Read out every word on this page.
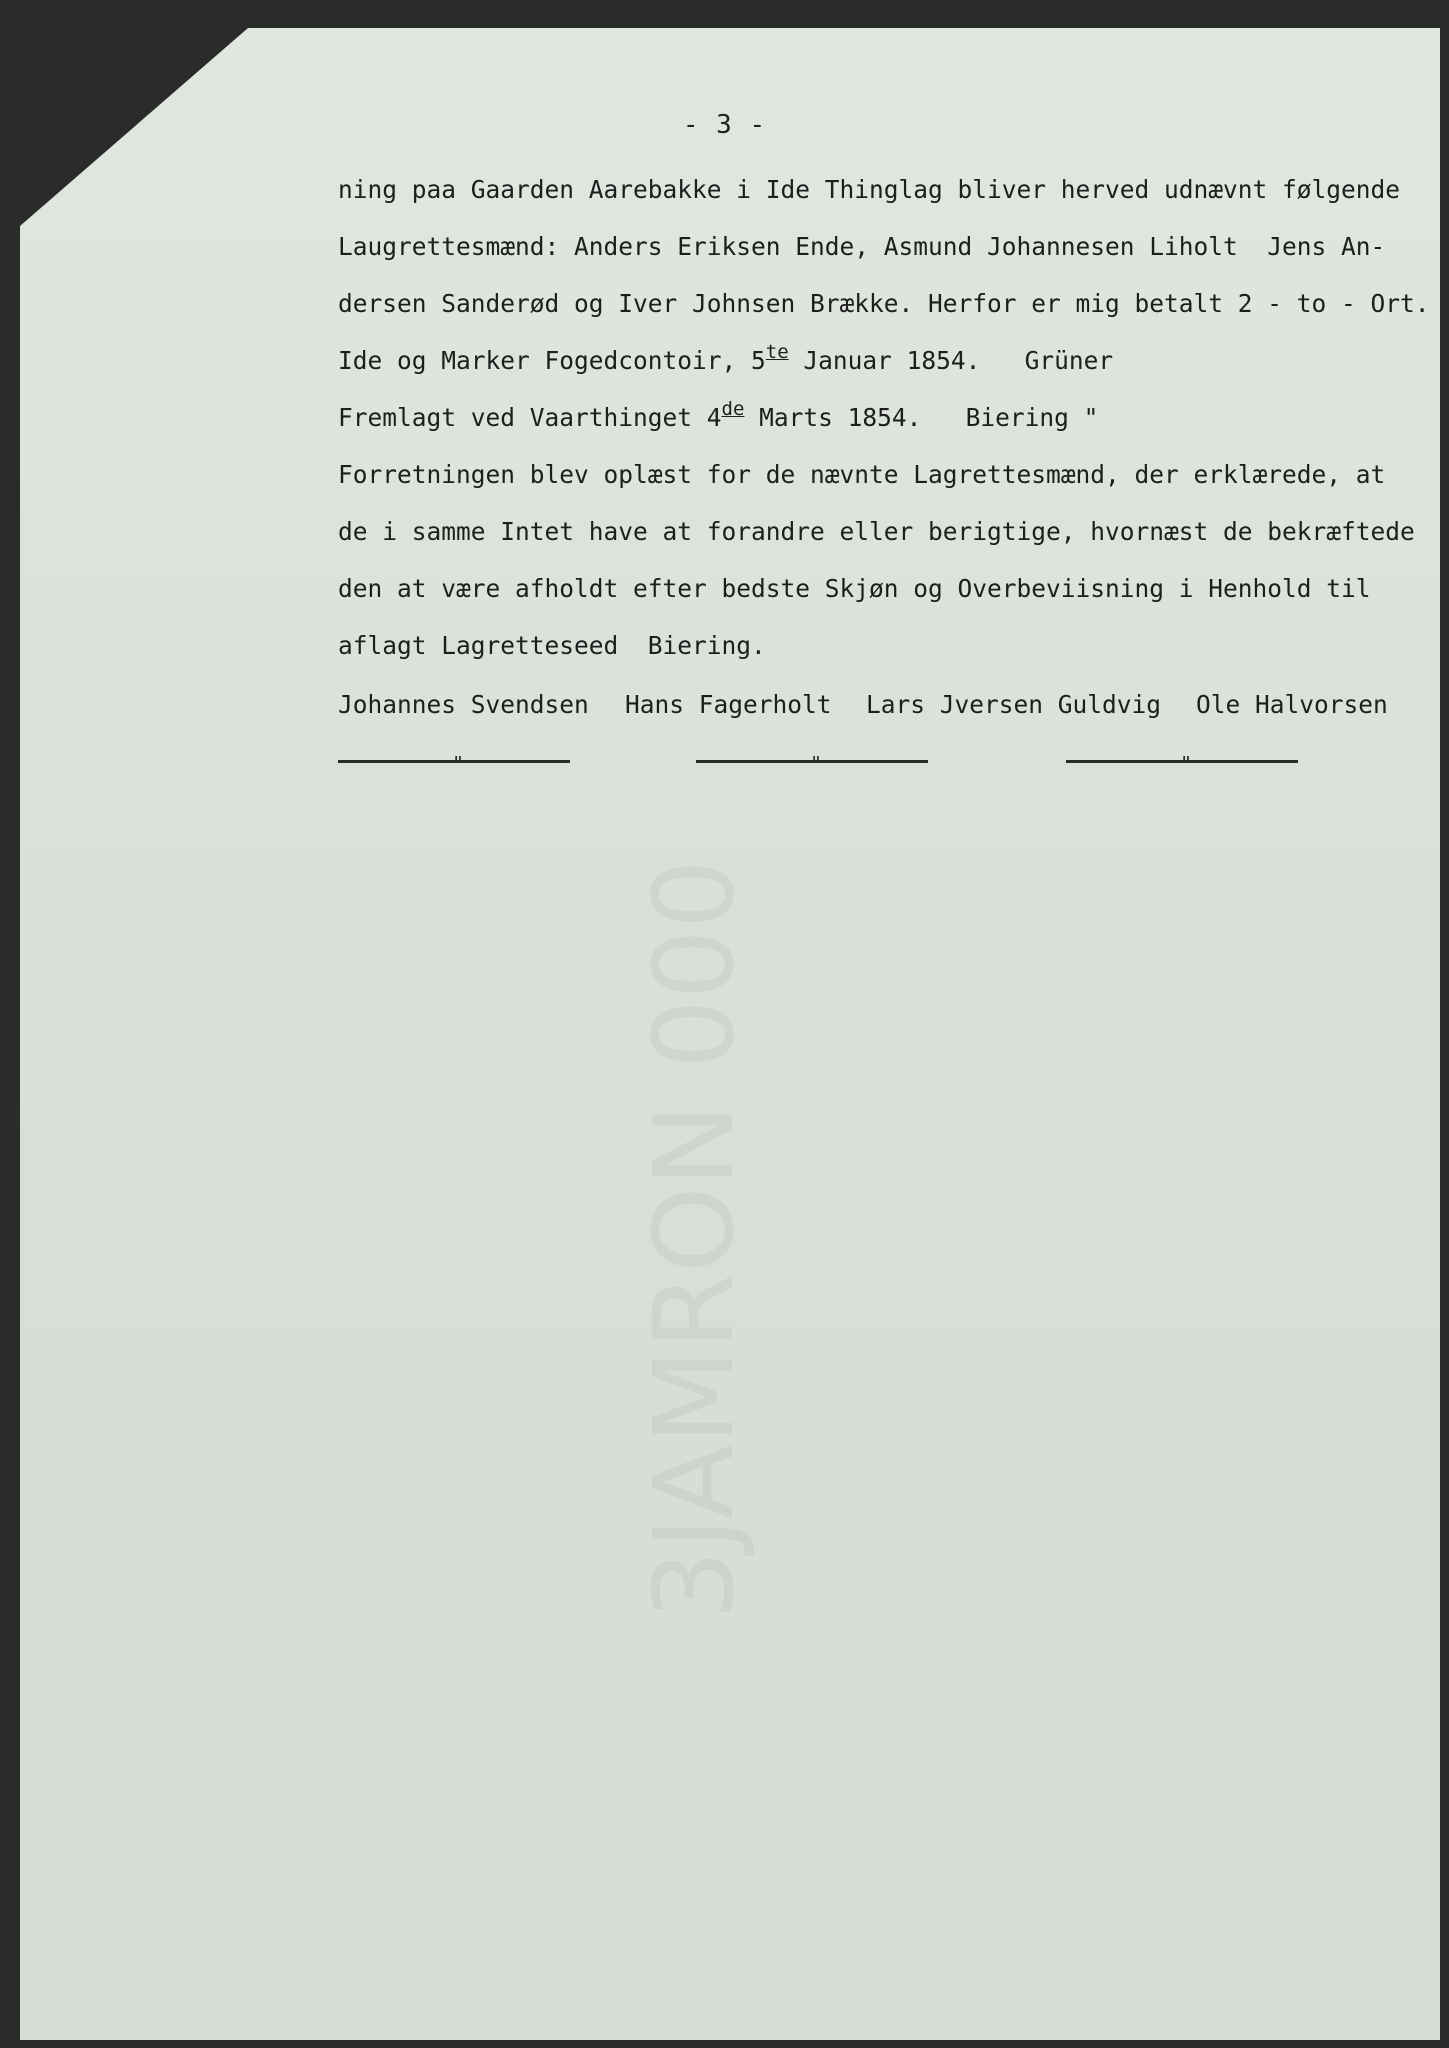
3JAMRON 000
- 3 -
ning paa Gaarden Aarebakke i Ide Thinglag bliver herved udnævnt følgende
Laugrettesmænd: Anders Eriksen Ende, Asmund Johannesen Liholt  Jens An-
dersen Sanderød og Iver Johnsen Brække. Herfor er mig betalt 2 - to - Ort.
Ide og Marker Fogedcontoir, $5^{te}$ Januar 1854.   Grüner
Fremlagt ved Vaarthinget 4de Marts 1854.   Biering "
Forretningen blev oplæst for de nævnte Lagrettesmænd, der erklærede, at
de i samme Intet have at forandre eller berigtige, hvornæst de bekræftede
den at være afholdt efter bedste Skjøn og Overbeviisning i Henhold til
aflagt Lagretteseed  Biering.

Johannes Svendsen

Hans Fagerholt

Lars Jversen Guldvig

Ole Halvorsen

"	"	"
